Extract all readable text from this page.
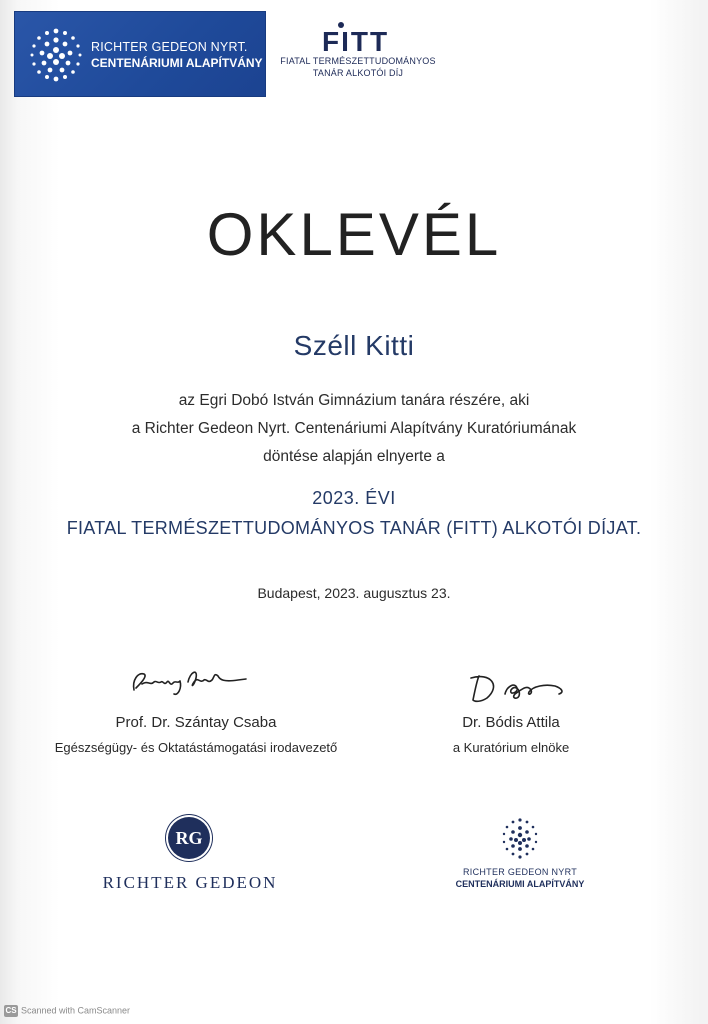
RICHTER GEDEON NYRT.
CENTENÁRIUMI ALAPÍTVÁNY
FITT
FIATAL TERMÉSZETTUDOMÁNYOS
TANÁR ALKOTÓI DÍJ
OKLEVÉL
Széll Kitti
az Egri Dobó István Gimnázium tanára részére, aki
a Richter Gedeon Nyrt. Centenáriumi Alapítvány Kuratóriumának
döntése alapján elnyerte a
2023. ÉVI
FIATAL TERMÉSZETTUDOMÁNYOS TANÁR (FITT) ALKOTÓI DÍJAT.
Budapest, 2023. augusztus 23.
Prof. Dr. Szántay Csaba
Egészségügy- és Oktatástámogatási irodavezető
Dr. Bódis Attila
a Kuratórium elnöke
RG
RICHTER GEDEON
RICHTER GEDEON NYRT
CENTENÁRIUMI ALAPÍTVÁNY
CS Scanned with CamScanner
